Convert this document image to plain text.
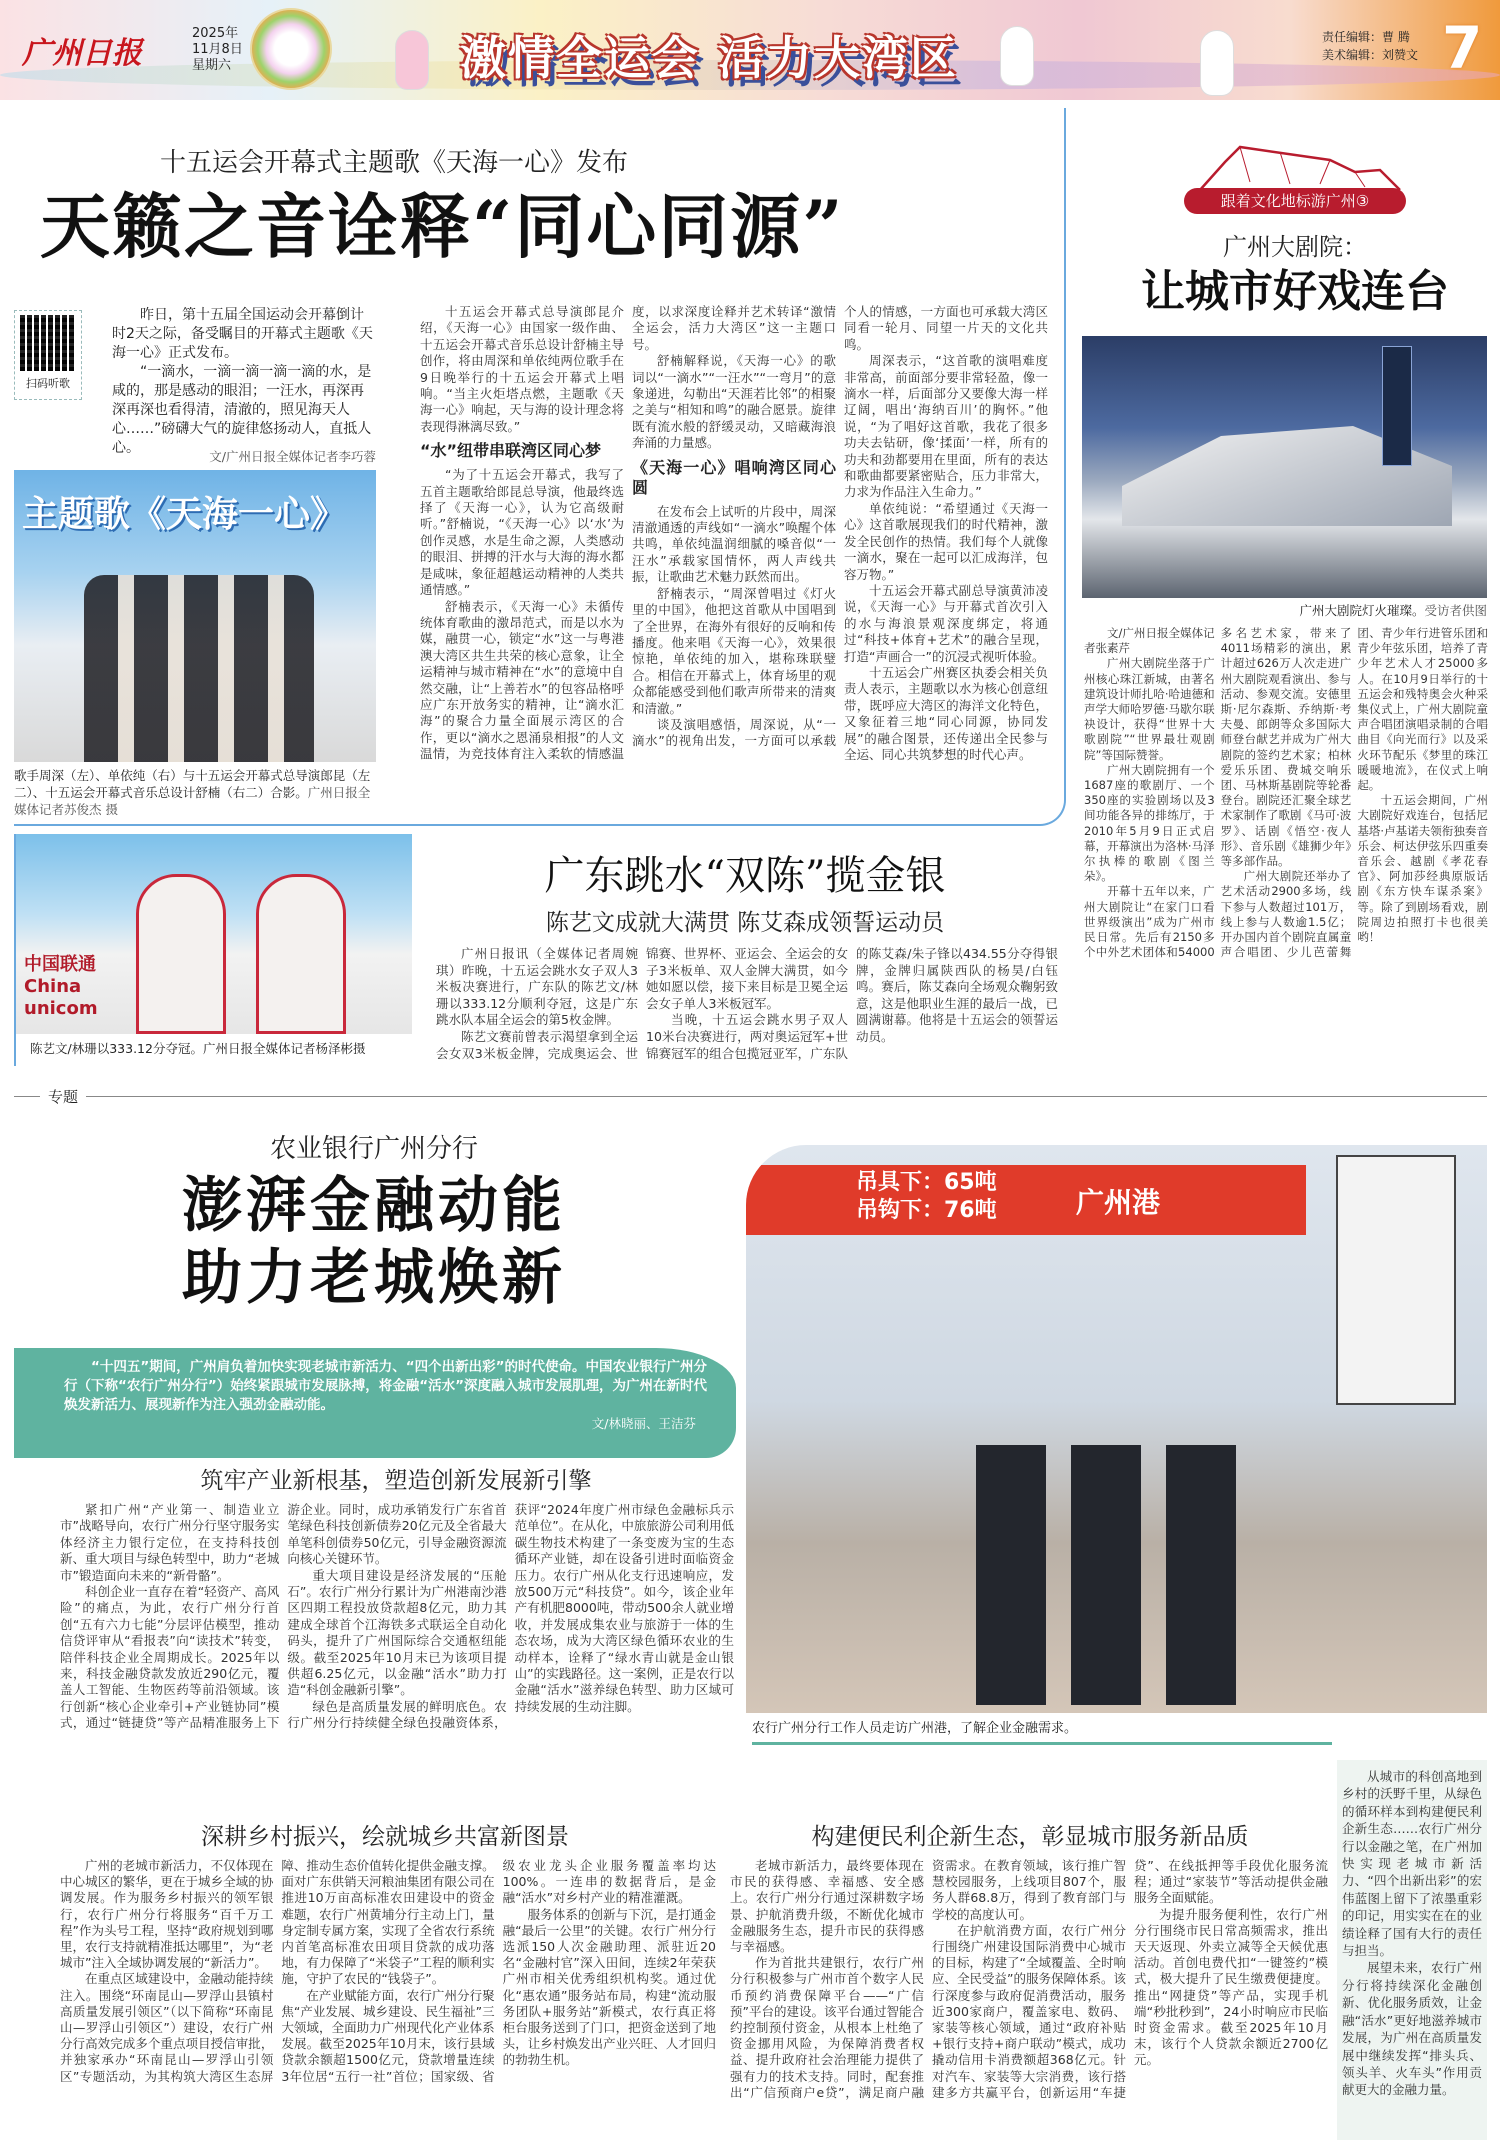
广州日报
2025年
11月8日
星期六	激情全运会 活力大湾区	责任编辑：曹 腾
美术编辑：刘赞文 7
十五运会开幕式主题歌《天海一心》发布
天籁之音诠释“同心同源”
扫码听歌

昨日，第十五届全国运动会开幕倒计时2天之际，备受瞩目的开幕式主题歌《天海一心》正式发布。

“一滴水，一滴一滴一滴一滴的水，是咸的，那是感动的眼泪；一汪水，再深再深再深也看得清，清澈的，照见海天人心……”磅礴大气的旋律悠扬动人，直抵人心。

文/广州日报全媒体记者李巧蓉
主题歌《天海一心》
歌手周深（左）、单依纯（右）与十五运会开幕式总导演郎昆（左二）、十五运会开幕式音乐总设计舒楠（右二）合影。广州日报全媒体记者苏俊杰 摄

十五运会开幕式总导演郎昆介绍，《天海一心》由国家一级作曲、十五运会开幕式音乐总设计舒楠主导创作，将由周深和单依纯两位歌手在9日晚举行的十五运会开幕式上唱响。“当主火炬塔点燃，主题歌《天海一心》响起，天与海的设计理念将表现得淋漓尽致。”

“水”纽带串联湾区同心梦

“为了十五运会开幕式，我写了五首主题歌给郎昆总导演，他最终选择了《天海一心》，认为它高级耐听。”舒楠说，“《天海一心》以‘水’为创作灵感，水是生命之源，人类感动的眼泪、拼搏的汗水与大海的海水都是咸味，象征超越运动精神的人类共通情感。”

舒楠表示，《天海一心》未循传统体育歌曲的激昂范式，而是以水为媒，融贯一心，锁定“水”这一与粤港澳大湾区共生共荣的核心意象，让全运精神与城市精神在“水”的意境中自然交融，让“上善若水”的包容品格呼应广东开放务实的精神，让“滴水汇海”的聚合力量全面展示湾区的合作，更以“滴水之恩涌泉相报”的人文温情，为竞技体育注入柔软的情感温度，以求深度诠释并艺术转译“激情全运会，活力大湾区”这一主题口号。

舒楠解释说，《天海一心》的歌词以“一滴水”“一汪水”“一弯月”的意象递进，勾勒出“天涯若比邻”的相聚之美与“相知和鸣”的融合愿景。旋律既有流水般的舒缓灵动，又暗藏海浪奔涌的力量感。

《天海一心》唱响湾区同心圆

在发布会上试听的片段中，周深清澈通透的声线如“一滴水”唤醒个体共鸣，单依纯温润细腻的嗓音似“一汪水”承载家国情怀，两人声线共振，让歌曲艺术魅力跃然而出。

舒楠表示，“周深曾唱过《灯火里的中国》，他把这首歌从中国唱到了全世界，在海外有很好的反响和传播度。他来唱《天海一心》，效果很惊艳，单依纯的加入，堪称珠联璧合。相信在开幕式上，体育场里的观众都能感受到他们歌声所带来的清爽和清澈。”

谈及演唱感悟，周深说，从“一滴水”的视角出发，一方面可以承载个人的情感，一方面也可承载大湾区同看一轮月、同望一片天的文化共鸣。

周深表示，“这首歌的演唱难度非常高，前面部分要非常轻盈，像一滴水一样，后面部分又要像大海一样辽阔，唱出‘海纳百川’的胸怀。”他说，“为了唱好这首歌，我花了很多功夫去钻研，像‘揉面’一样，所有的功夫和劲都要用在里面，所有的表达和歌曲都要紧密贴合，压力非常大，力求为作品注入生命力。”

单依纯说：“希望通过《天海一心》这首歌展现我们的时代精神，激发全民创作的热情。我们每个人就像一滴水，聚在一起可以汇成海洋，包容万物。”

十五运会开幕式副总导演黄沛凌说，《天海一心》与开幕式首次引入的水与海浪景观深度绑定，将通过“科技+体育+艺术”的融合呈现，打造“声画合一”的沉浸式视听体验。

十五运会广州赛区执委会相关负责人表示，主题歌以水为核心创意纽带，既呼应大湾区的海洋文化特色，又象征着三地“同心同源，协同发展”的融合图景，还传递出全民参与全运、同心共筑梦想的时代心声。

中国联通 China unicom
陈艺文/林珊以333.12分夺冠。广州日报全媒体记者杨泽彬摄
广东跳水“双陈”揽金银
陈艺文成就大满贯 陈艾森成领誓运动员

广州日报讯（全媒体记者周婉琪）昨晚，十五运会跳水女子双人3米板决赛进行，广东队的陈艺文/林珊以333.12分顺利夺冠，这是广东跳水队本届全运会的第5枚金牌。

陈艺文赛前曾表示渴望拿到全运会女双3米板金牌，完成奥运会、世锦赛、世界杯、亚运会、全运会的女子3米板单、双人金牌大满贯，如今她如愿以偿，接下来目标是卫冕全运会女子单人3米板冠军。

当晚，十五运会跳水男子双人10米台决赛进行，两对奥运冠军+世锦赛冠军的组合包揽冠亚军，广东队的陈艾森/朱子锋以434.55分夺得银牌，金牌归属陕西队的杨昊/白钰鸣。赛后，陈艾森向全场观众鞠躬致意，这是他职业生涯的最后一战，已圆满谢幕。他将是十五运会的领誓运动员。

跟着文化地标游广州③
广州大剧院：
让城市好戏连台
广州大剧院灯火璀璨。受访者供图

文/广州日报全媒体记者张素芹

广州大剧院坐落于广州核心珠江新城，由著名建筑设计师扎哈·哈迪德和声学大师哈罗德·马歇尔联袂设计，获得“世界十大歌剧院”“世界最壮观剧院”等国际赞誉。

广州大剧院拥有一个1687座的歌剧厅、一个350座的实验剧场以及3间功能各异的排练厅，于2010年5月9日正式启幕，开幕演出为洛林·马泽尔执棒的歌剧《图兰朵》。

开幕十五年以来，广州大剧院让“在家门口看世界级演出”成为广州市民日常。先后有2150多个中外艺术团体和54000多名艺术家，带来了4011场精彩的演出，累计超过626万人次走进广州大剧院观看演出、参与活动、参观交流。安德里斯·尼尔森斯、乔纳斯·考夫曼、郎朗等众多国际大师登台献艺并成为广州大剧院的签约艺术家；柏林爱乐乐团、费城交响乐团、马林斯基剧院等轮番登台。剧院还汇聚全球艺术家制作了歌剧《马可·波罗》、话剧《悟空·夜人形》、音乐剧《雄狮少年》等多部作品。

广州大剧院还举办了艺术活动2900多场，线下参与人数超过101万，线上参与人数逾1.5亿；开办国内首个剧院直属童声合唱团、少儿芭蕾舞团、青少年行进管乐团和青少年弦乐团，培养了青少年艺术人才25000多人。在10月9日举行的十五运会和残特奥会火种采集仪式上，广州大剧院童声合唱团演唱录制的合唱曲目《向光而行》以及采火环节配乐《梦里的珠江暖暖地流》，在仪式上响起。

十五运会期间，广州大剧院好戏连台，包括尼基塔·卢基诺夫领衔独奏音乐会、柯达伊弦乐四重奏音乐会、越剧《孝花春官》、阿加莎经典原版话剧《东方快车谋杀案》等。除了到剧场看戏，剧院周边拍照打卡也很美哟！

专题
农业银行广州分行
澎湃金融动能
助力老城焕新

“十四五”期间，广州肩负着加快实现老城市新活力、“四个出新出彩”的时代使命。中国农业银行广州分行（下称“农行广州分行”）始终紧跟城市发展脉搏，将金融“活水”深度融入城市发展肌理，为广州在新时代焕发新活力、展现新作为注入强劲金融动能。

文/林晓丽、王洁芬
吊具下：65吨
吊钩下：76吨	广州港
农行广州分行工作人员走访广州港，了解企业金融需求。
筑牢产业新根基，塑造创新发展新引擎

紧扣广州“产业第一、制造业立市”战略导向，农行广州分行坚守服务实体经济主力银行定位，在支持科技创新、重大项目与绿色转型中，助力“老城市”锻造面向未来的“新骨骼”。

科创企业一直存在着“轻资产、高风险”的痛点，为此，农行广州分行首创“五有六力七能”分层评估模型，推动信贷评审从“看报表”向“读技术”转变，陪伴科技企业全周期成长。2025年以来，科技金融贷款发放近290亿元，覆盖人工智能、生物医药等前沿领域。该行创新“核心企业牵引+产业链协同”模式，通过“链捷贷”等产品精准服务上下游企业。同时，成功承销发行广东省首笔绿色科技创新债券20亿元及全省最大单笔科创债券50亿元，引导金融资源流向核心关键环节。

重大项目建设是经济发展的“压舱石”。农行广州分行累计为广州港南沙港区四期工程投放贷款超8亿元，助力其建成全球首个江海铁多式联运全自动化码头，提升了广州国际综合交通枢纽能级。截至2025年10月末已为该项目提供超6.25亿元，以金融“活水”助力打造“科创金融新引擎”。

绿色是高质量发展的鲜明底色。农行广州分行持续健全绿色投融资体系，获评“2024年度广州市绿色金融标兵示范单位”。在从化，中旅旅游公司利用低碳生物技术构建了一条变废为宝的生态循环产业链，却在设备引进时面临资金压力。农行广州从化支行迅速响应，发放500万元“科技贷”。如今，该企业年产有机肥8000吨，带动500余人就业增收，并发展成集农业与旅游于一体的生态农场，成为大湾区绿色循环农业的生动样本，诠释了“绿水青山就是金山银山”的实践路径。这一案例，正是农行以金融“活水”滋养绿色转型、助力区域可持续发展的生动注脚。

深耕乡村振兴，绘就城乡共富新图景	构建便民利企新生态，彰显城市服务新品质

广州的老城市新活力，不仅体现在中心城区的繁华，更在于城乡全域的协调发展。作为服务乡村振兴的领军银行，农行广州分行将服务“百千万工程”作为头号工程，坚持“政府规划到哪里，农行支持就精准抵达哪里”，为“老城市”注入全域协调发展的“新活力”。

在重点区域建设中，金融动能持续注入。围绕“环南昆山—罗浮山县镇村高质量发展引领区”（以下简称“环南昆山—罗浮山引领区”）建设，农行广州分行高效完成多个重点项目授信审批，并独家承办“环南昆山—罗浮山引领区”专题活动，为其构筑大湾区生态屏障、推动生态价值转化提供金融支撑。面对广东供销天河粮油集团有限公司在推进10万亩高标准农田建设中的资金难题，农行广州黄埔分行主动上门，量身定制专属方案，实现了全省农行系统内首笔高标准农田项目贷款的成功落地，有力保障了“米袋子”工程的顺利实施，守护了农民的“钱袋子”。

在产业赋能方面，农行广州分行聚焦“产业发展、城乡建设、民生福祉”三大领域，全面助力广州现代化产业体系发展。截至2025年10月末，该行县域贷款余额超1500亿元，贷款增量连续3年位居“五行一社”首位；国家级、省级农业龙头企业服务覆盖率均达100%。一连串的数据背后，是金融“活水”对乡村产业的精准灌溉。

服务体系的创新与下沉，是打通金融“最后一公里”的关键。农行广州分行选派150人次金融助理、派驻近20名“金融村官”深入田间，连续2年荣获广州市相关优秀组织机构奖。通过优化“惠农通”服务站布局，构建“流动服务团队+服务站”新模式，农行真正将柜台服务送到了门口，把资金送到了地头，让乡村焕发出产业兴旺、人才回归的勃勃生机。

老城市新活力，最终要体现在市民的获得感、幸福感、安全感上。农行广州分行通过深耕数字场景、护航消费升级，不断优化城市金融服务生态，提升市民的获得感与幸福感。

作为首批共建银行，农行广州分行积极参与广州市首个数字人民币预约消费保障平台——“广信预”平台的建设。该平台通过智能合约控制预付资金，从根本上杜绝了资金挪用风险，为保障消费者权益、提升政府社会治理能力提供了强有力的技术支持。同时，配套推出“广信预商户e贷”，满足商户融资需求。在教育领域，该行推广智慧校园服务，上线项目807个，服务人群68.8万，得到了教育部门与学校的高度认可。

在护航消费方面，农行广州分行围绕广州建设国际消费中心城市的目标，构建了“全域覆盖、全时响应、全民受益”的服务保障体系。该行深度参与政府促消费活动，服务近300家商户，覆盖家电、数码、家装等核心领域，通过“政府补贴+银行支持+商户联动”模式，成功撬动信用卡消费额超368亿元。针对汽车、家装等大宗消费，该行搭建多方共赢平台，创新运用“车捷贷”、在线抵押等手段优化服务流程；通过“家装节”等活动提供金融服务全面赋能。

为提升服务便利性，农行广州分行围绕市民日常高频需求，推出天天返现、外卖立减等全天候优惠活动。首创电费代扣“一键签约”模式，极大提升了民生缴费便捷度。推出“网捷贷”等产品，实现手机端“秒批秒到”，24小时响应市民临时资金需求。截至2025年10月末，该行个人贷款余额近2700亿元。

从城市的科创高地到乡村的沃野千里，从绿色的循环样本到构建便民利企新生态……农行广州分行以金融之笔，在广州加快实现老城市新活力、“四个出新出彩”的宏伟蓝图上留下了浓墨重彩的印记，用实实在在的业绩诠释了国有大行的责任与担当。

展望未来，农行广州分行将持续深化金融创新、优化服务质效，让金融“活水”更好地滋养城市发展，为广州在高质量发展中继续发挥“排头兵、领头羊、火车头”作用贡献更大的金融力量。
